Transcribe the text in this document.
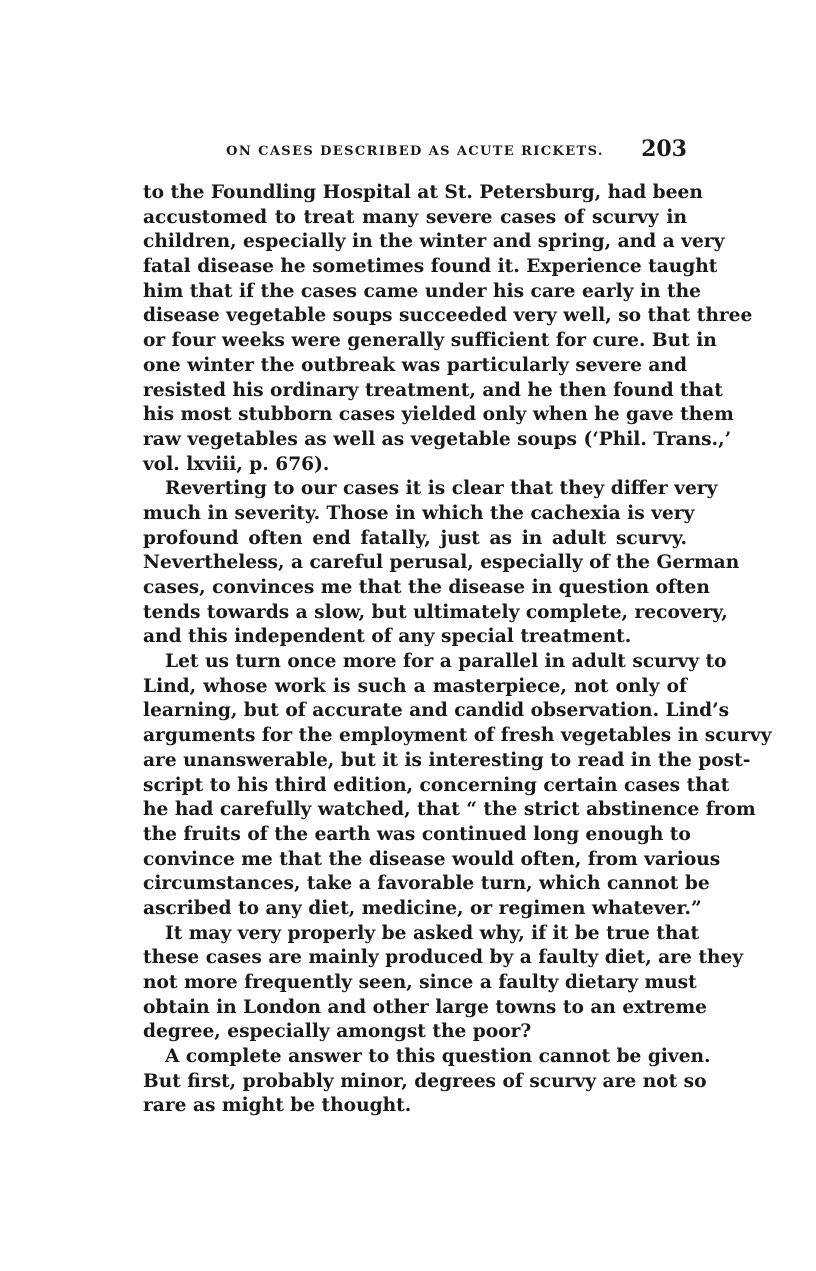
ON CASES DESCRIBED AS ACUTE RICKETS.	203
to the Foundling Hospital at St. Petersburg, had been
accustomed to treat many severe cases of scurvy in
children, especially in the winter and spring, and a very
fatal disease he sometimes found it. Experience taught
him that if the cases came under his care early in the
disease vegetable soups succeeded very well, so that three
or four weeks were generally sufficient for cure. But in
one winter the outbreak was particularly severe and
resisted his ordinary treatment, and he then found that
his most stubborn cases yielded only when he gave them
raw vegetables as well as vegetable soups (‘Phil. Trans.,’
vol. lxviii, p. 676).
Reverting to our cases it is clear that they differ very
much in severity. Those in which the cachexia is very
profound often end fatally, just as in adult scurvy.
Nevertheless, a careful perusal, especially of the German
cases, convinces me that the disease in question often
tends towards a slow, but ultimately complete, recovery,
and this independent of any special treatment.
Let us turn once more for a parallel in adult scurvy to
Lind, whose work is such a masterpiece, not only of
learning, but of accurate and candid observation. Lind’s
arguments for the employment of fresh vegetables in scurvy
are unanswerable, but it is interesting to read in the post-
script to his third edition, concerning certain cases that
he had carefully watched, that “ the strict abstinence from
the fruits of the earth was continued long enough to
convince me that the disease would often, from various
circumstances, take a favorable turn, which cannot be
ascribed to any diet, medicine, or regimen whatever.”
It may very properly be asked why, if it be true that
these cases are mainly produced by a faulty diet, are they
not more frequently seen, since a faulty dietary must
obtain in London and other large towns to an extreme
degree, especially amongst the poor?
A complete answer to this question cannot be given.
But first, probably minor, degrees of scurvy are not so
rare as might be thought.
